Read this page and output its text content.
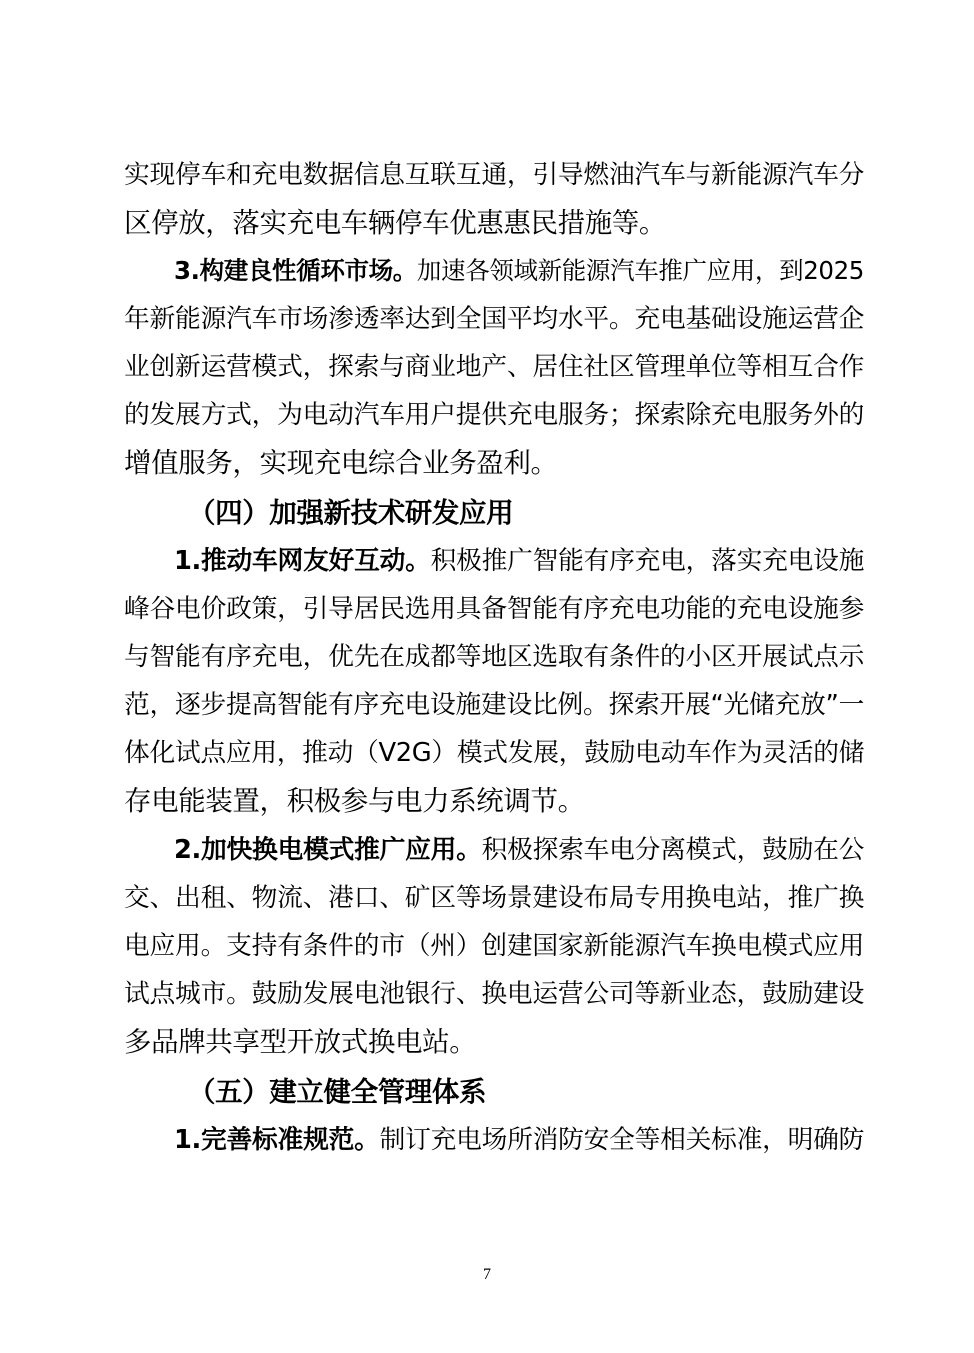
实现停车和充电数据信息互联互通，引导燃油汽车与新能源汽车分
区停放，落实充电车辆停车优惠惠民措施等。
3.构建良性循环市场。加速各领域新能源汽车推广应用，到2025
年新能源汽车市场渗透率达到全国平均水平。充电基础设施运营企
业创新运营模式，探索与商业地产、居住社区管理单位等相互合作
的发展方式，为电动汽车用户提供充电服务；探索除充电服务外的
增值服务，实现充电综合业务盈利。
（四）加强新技术研发应用
1.推动车网友好互动。积极推广智能有序充电，落实充电设施
峰谷电价政策，引导居民选用具备智能有序充电功能的充电设施参
与智能有序充电，优先在成都等地区选取有条件的小区开展试点示
范，逐步提高智能有序充电设施建设比例。探索开展“光储充放”一
体化试点应用，推动（V2G）模式发展，鼓励电动车作为灵活的储
存电能装置，积极参与电力系统调节。
2.加快换电模式推广应用。积极探索车电分离模式，鼓励在公
交、出租、物流、港口、矿区等场景建设布局专用换电站，推广换
电应用。支持有条件的市（州）创建国家新能源汽车换电模式应用
试点城市。鼓励发展电池银行、换电运营公司等新业态，鼓励建设
多品牌共享型开放式换电站。
（五）建立健全管理体系
1.完善标准规范。制订充电场所消防安全等相关标准，明确防
7
